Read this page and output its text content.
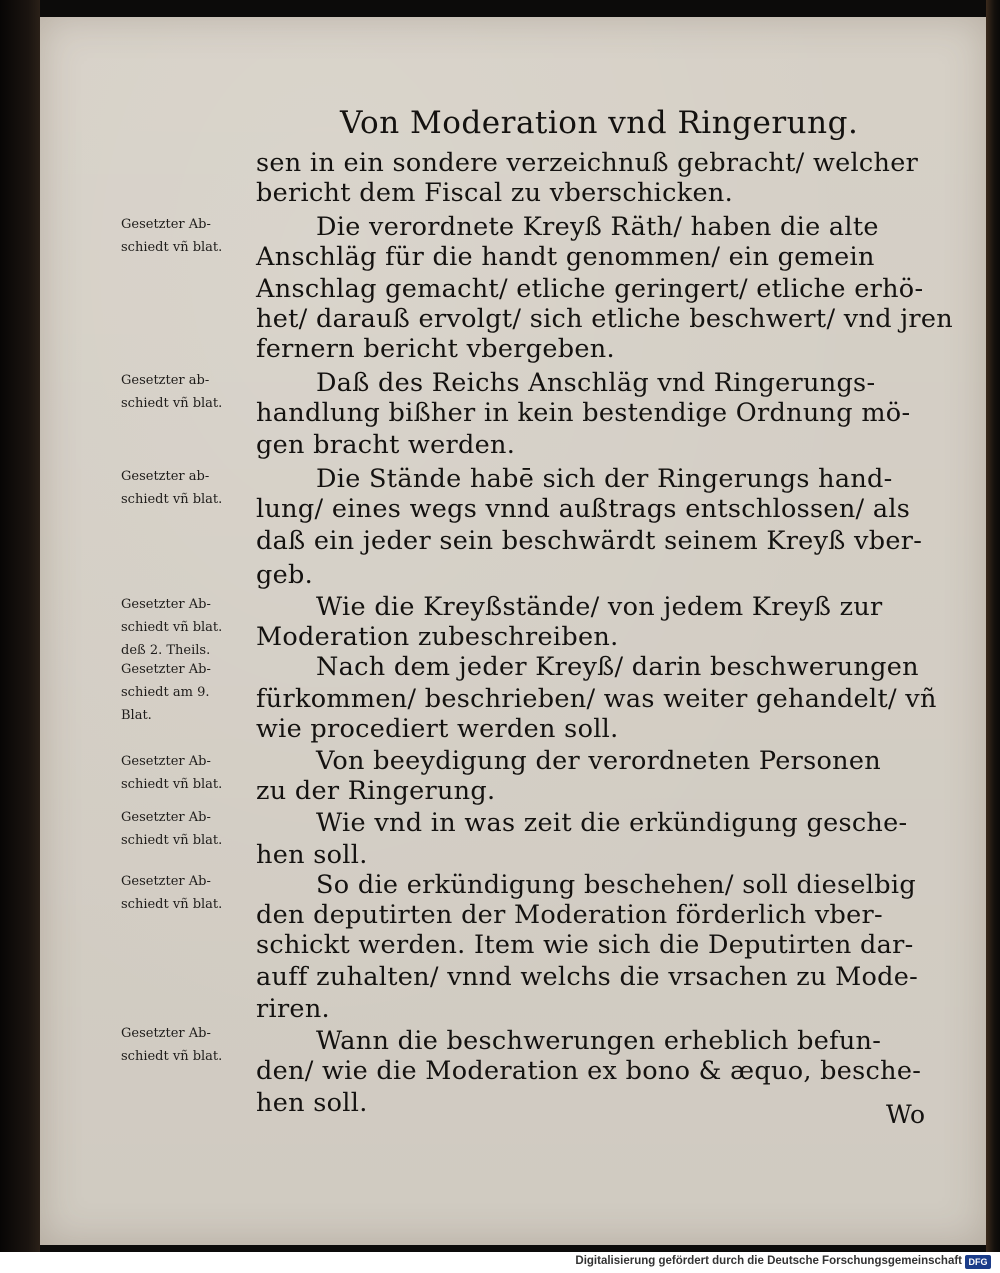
Von Moderation vnd Ringerung.
sen in ein sondere verzeichnuß gebracht/ welcher
bericht dem Fiscal zu vberschicken.
Die verordnete Kreyß Räth/ haben die alte
Anschläg für die handt genommen/ ein gemein
Anschlag gemacht/ etliche geringert/ etliche erhö-
het/ darauß ervolgt/ sich etliche beschwert/ vnd jren
fernern bericht vbergeben.
Daß des Reichs Anschläg vnd Ringerungs-
handlung bißher in kein bestendige Ordnung mö-
gen bracht werden.
Die Stände habē sich der Ringerungs hand-
lung/ eines wegs vnnd außtrags entschlossen/ als
daß ein jeder sein beschwärdt seinem Kreyß vber-
geb.
Wie die Kreyßstände/ von jedem Kreyß zur
Moderation zubeschreiben.
Nach dem jeder Kreyß/ darin beschwerungen
fürkommen/ beschrieben/ was weiter gehandelt/ vñ
wie procediert werden soll.
Von beeydigung der verordneten Personen
zu der Ringerung.
Wie vnd in was zeit die erkündigung gesche-
hen soll.
So die erkündigung beschehen/ soll dieselbig
den deputirten der Moderation förderlich vber-
schickt werden. Item wie sich die Deputirten dar-
auff zuhalten/ vnnd welchs die vrsachen zu Mode-
riren.
Wann die beschwerungen erheblich befun-
den/ wie die Moderation ex bono & æquo, besche-
hen soll.
Gesetzter Ab-
schiedt vñ blat.
Gesetzter ab-
schiedt vñ blat.
Gesetzter ab-
schiedt vñ blat.
Gesetzter Ab-
schiedt vñ blat.
deß 2. Theils.
Gesetzter Ab-
schiedt am 9.
Blat.
Gesetzter Ab-
schiedt vñ blat.
Gesetzter Ab-
schiedt vñ blat.
Gesetzter Ab-
schiedt vñ blat.
Gesetzter Ab-
schiedt vñ blat.
Wo
Digitalisierung gefördert durch die Deutsche Forschungsgemeinschaft DFG
